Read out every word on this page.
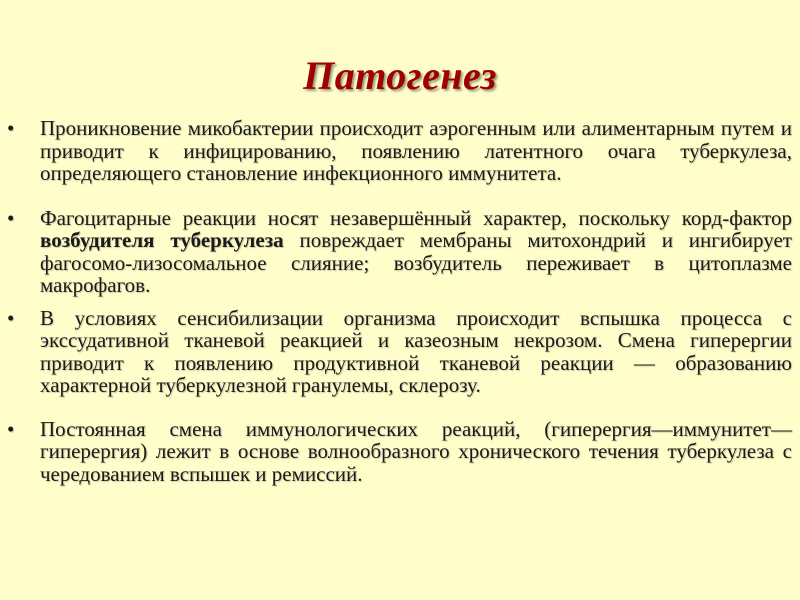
Патогенез
• Проникновение микобактерии происходит аэрогенным или алиментарным путем и приводит к инфицированию, появлению латентного очага туберкулеза, определяющего становление инфекционного иммунитета.
• Фагоцитарные реакции носят незавершённый характер, поскольку корд-фактор возбудителя туберкулеза повреждает мембраны митохондрий и ингибирует фагосомо-лизосомальное слияние; возбудитель переживает в цитоплазме макрофагов.
• В условиях сенсибилизации организма происходит вспышка процесса с экссудативной тканевой реакцией и казеозным некрозом. Смена гиперергии приводит к появлению продуктивной тканевой реакции — образованию характерной туберкулезной гранулемы, склерозу.
• Постоянная смена иммунологических реакций, (гиперергия—иммунитет—гиперергия) лежит в основе волнообразного хронического течения туберкулеза с чередованием вспышек и ремиссий.
